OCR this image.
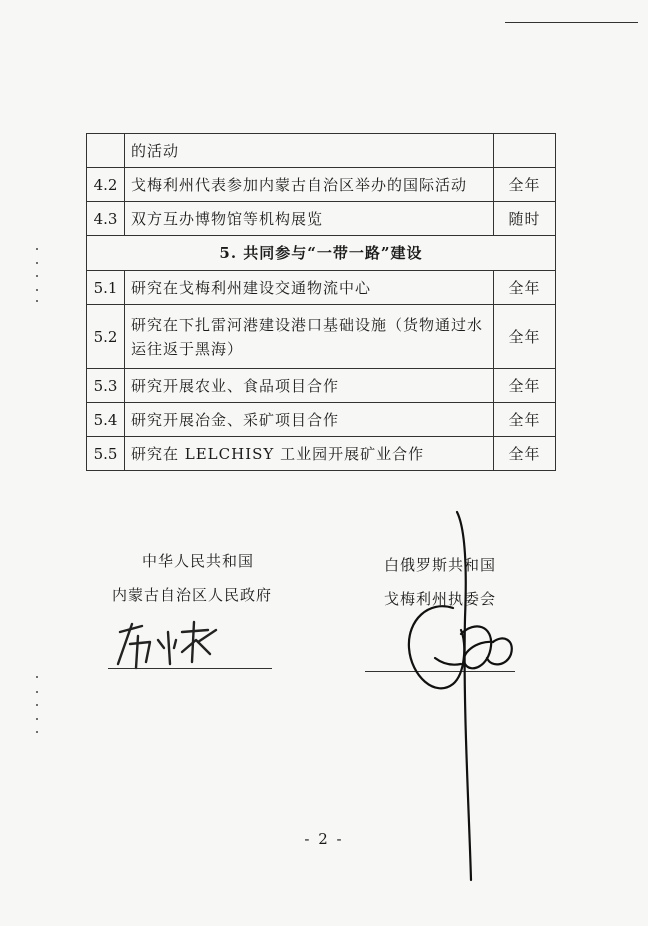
	的活动	
4.2	戈梅利州代表参加内蒙古自治区举办的国际活动	全年
4.3	双方互办博物馆等机构展览	随时
5. 共同参与“一带一路”建设		
5.1	研究在戈梅利州建设交通物流中心	全年
5.2	研究在下扎雷河港建设港口基础设施（货物通过水运往返于黑海）	全年
5.3	研究开展农业、食品项目合作	全年
5.4	研究开展冶金、采矿项目合作	全年
5.5	研究在 LELCHISY 工业园开展矿业合作	全年
中华人民共和国
内蒙古自治区人民政府
白俄罗斯共和国
戈梅利州执委会
- 2 -
